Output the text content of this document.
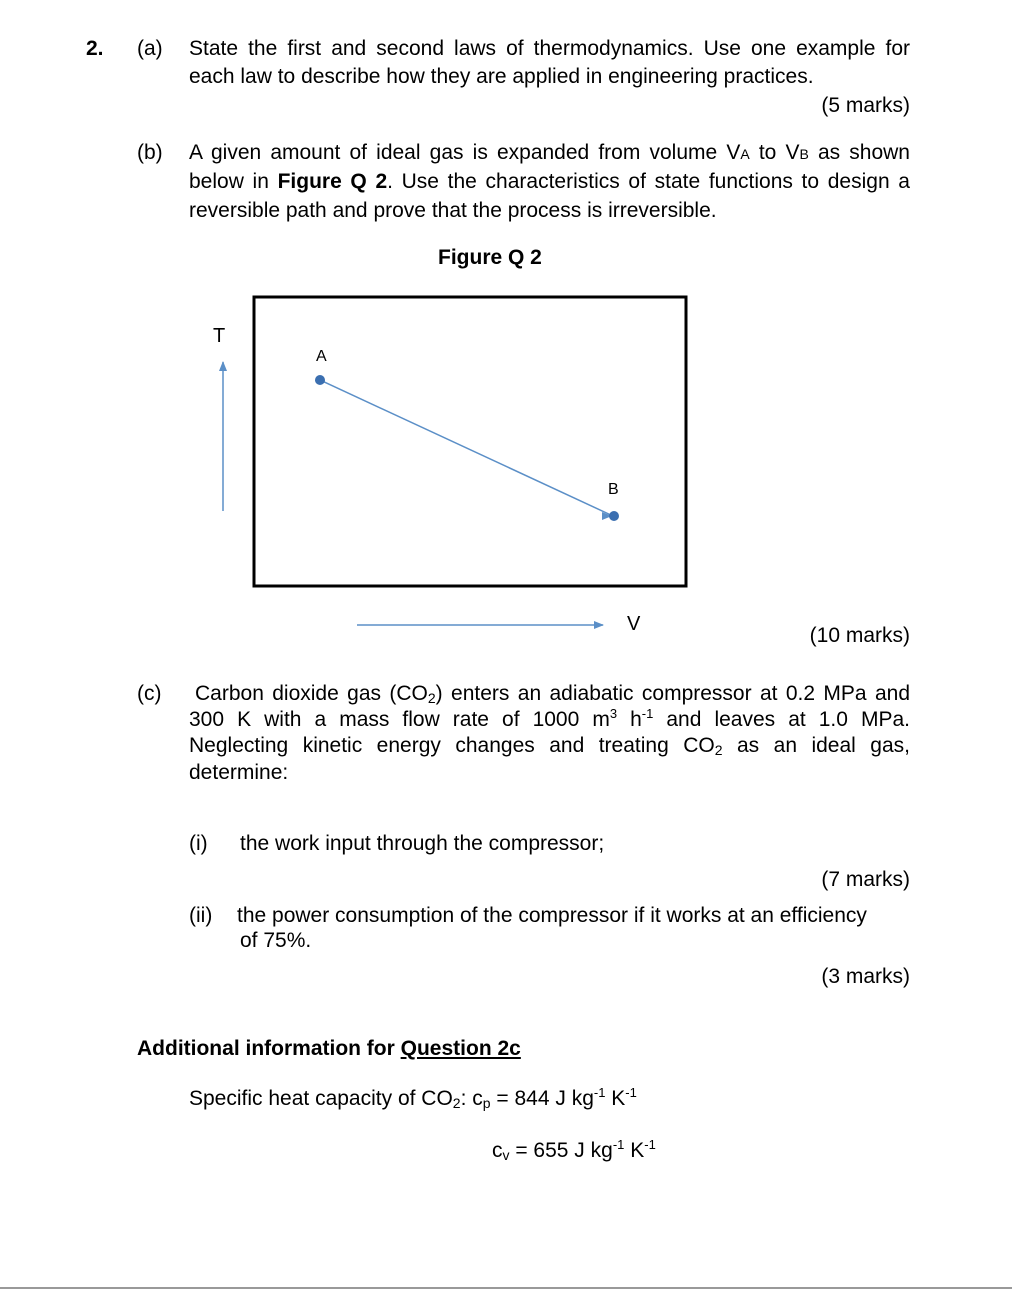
2. (a) State the first and second laws of thermodynamics. Use one example for
each law to describe how they are applied in engineering practices.
(5 marks)
(b) A given amount of ideal gas is expanded from volume VA to VB as shown
below in Figure Q 2. Use the characteristics of state functions to design a
reversible path and prove that the process is irreversible.
Figure Q 2
T
V
A
B
(10 marks)
(c) Carbon dioxide gas $(CO_2)$ enters an adiabatic compressor at 0.2 MPa and
300 K with a mass flow rate of 1000 $m^3$ $h^{-1}$ and leaves at 1.0 MPa.
Neglecting kinetic energy changes and treating $CO_2$ as an ideal gas,
determine:
(i) the work input through the compressor;
(7 marks)
(ii) the power consumption of the compressor if it works at an efficiency
of 75%.
(3 marks)
Additional information for Question 2c
Specific heat capacity of $CO_2$: $c_p = 844$ J $kg^{-1}$ $K^{-1}$
$c_v = 655$ J $kg^{-1}$ $K^{-1}$
